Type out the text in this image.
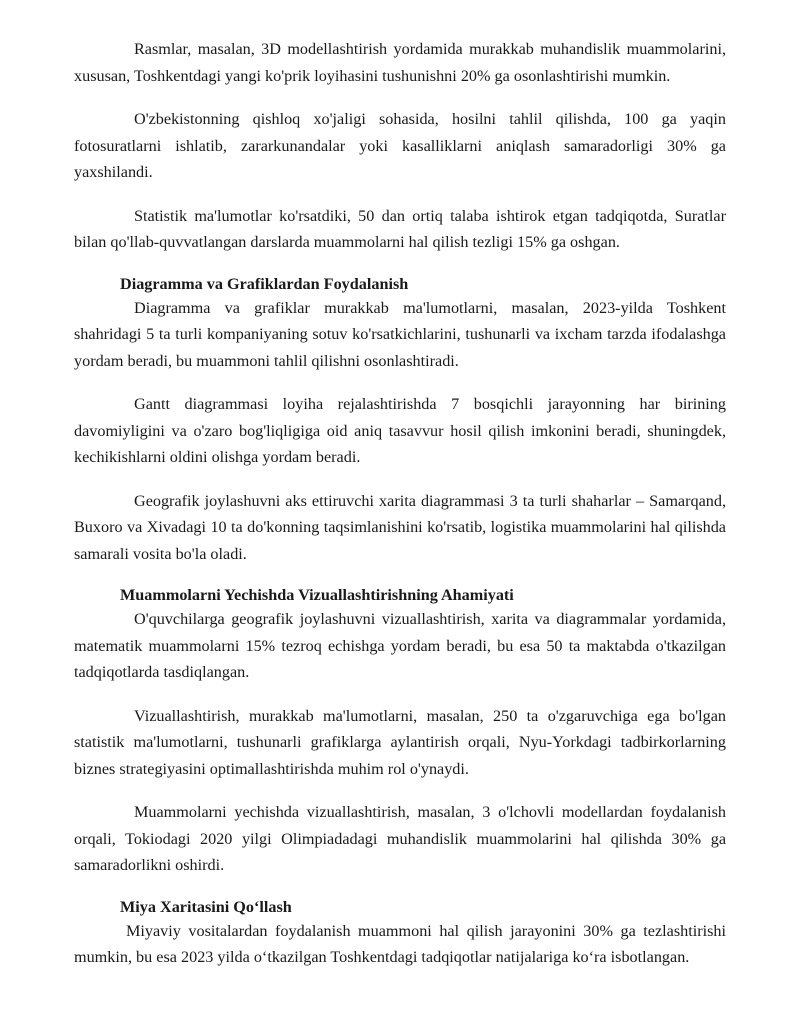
Rasmlar, masalan, 3D modellashtirish yordamida murakkab muhandislik muammolarini, xususan, Toshkentdagi yangi ko'prik loyihasini tushunishni 20% ga osonlashtirishi mumkin.

O'zbekistonning qishloq xo'jaligi sohasida, hosilni tahlil qilishda, 100 ga yaqin fotosuratlarni ishlatib, zararkunandalar yoki kasalliklarni aniqlash samaradorligi 30% ga yaxshilandi.

Statistik ma'lumotlar ko'rsatdiki, 50 dan ortiq talaba ishtirok etgan tadqiqotda, Suratlar bilan qo'llab-quvvatlangan darslarda muammolarni hal qilish tezligi 15% ga oshgan.

Diagramma va Grafiklardan Foydalanish

Diagramma va grafiklar murakkab ma'lumotlarni, masalan, 2023-yilda Toshkent shahridagi 5 ta turli kompaniyaning sotuv ko'rsatkichlarini, tushunarli va ixcham tarzda ifodalashga yordam beradi, bu muammoni tahlil qilishni osonlashtiradi.

Gantt diagrammasi loyiha rejalashtirishda 7 bosqichli jarayonning har birining davomiyligini va o'zaro bog'liqligiga oid aniq tasavvur hosil qilish imkonini beradi, shuningdek, kechikishlarni oldini olishga yordam beradi.

Geografik joylashuvni aks ettiruvchi xarita diagrammasi 3 ta turli shaharlar – Samarqand, Buxoro va Xivadagi 10 ta do'konning taqsimlanishini ko'rsatib, logistika muammolarini hal qilishda samarali vosita bo'la oladi.

Muammolarni Yechishda Vizuallashtirishning Ahamiyati

O'quvchilarga geografik joylashuvni vizuallashtirish, xarita va diagrammalar yordamida, matematik muammolarni 15% tezroq echishga yordam beradi, bu esa 50 ta maktabda o'tkazilgan tadqiqotlarda tasdiqlangan.

Vizuallashtirish, murakkab ma'lumotlarni, masalan, 250 ta o'zgaruvchiga ega bo'lgan statistik ma'lumotlarni, tushunarli grafiklarga aylantirish orqali, Nyu-Yorkdagi tadbirkorlarning biznes strategiyasini optimallashtirishda muhim rol o'ynaydi.

Muammolarni yechishda vizuallashtirish, masalan, 3 o'lchovli modellardan foydalanish orqali, Tokiodagi 2020 yilgi Olimpiadadagi muhandislik muammolarini hal qilishda 30% ga samaradorlikni oshirdi.

Miya Xaritasini Qo‘llash

Miyaviy vositalardan foydalanish muammoni hal qilish jarayonini 30% ga tezlashtirishi mumkin, bu esa 2023 yilda o‘tkazilgan Toshkentdagi tadqiqotlar natijalariga ko‘ra isbotlangan.
